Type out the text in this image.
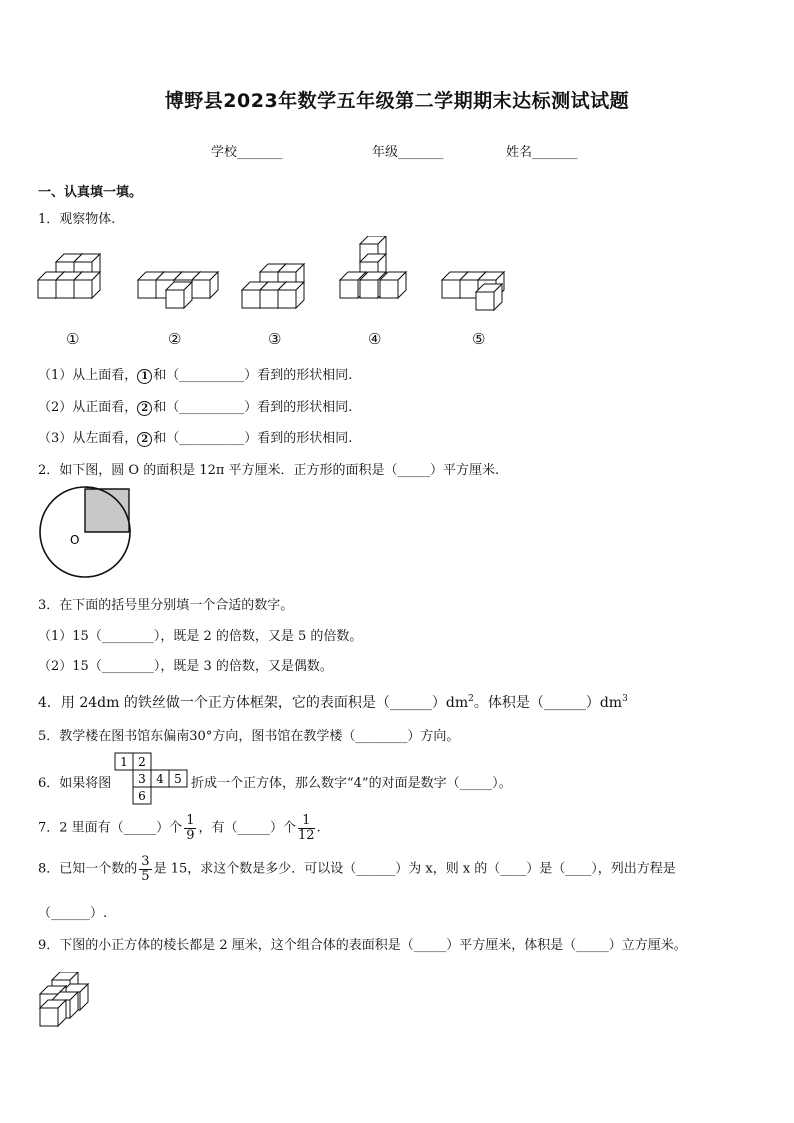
博野县2023年数学五年级第二学期期末达标测试试题
学校_______	年级_______	姓名_______
一、认真填一填。
1．观察物体.
①	②	③	④	⑤
（1）从上面看， 1 和（__________）看到的形状相同.
（2）从正面看， 2 和（__________）看到的形状相同.
（3）从左面看， 2 和（__________）看到的形状相同.
2．如下图，圆 O 的面积是 12π 平方厘米．正方形的面积是（_____）平方厘米.
O
3．在下面的括号里分别填一个合适的数字。
（1）15（________），既是 2 的倍数，又是 5 的倍数。
（2）15（________），既是 3 的倍数，又是偶数。
4．用 24dm 的铁丝做一个正方体框架，它的表面积是$(\_\_\_\_\_\_)dm^2$。体积是$(\_\_\_\_\_\_)dm^3$
5．教学楼在图书馆东偏南30°方向，图书馆在教学楼（________）方向。
6．如果将图
1 2
3 4 5
6
折成一个正方体，那么数字“4”的对面是数字（_____）。
7．2 里面有（_____）个 $\frac{1}{9}$ ，有（_____）个 $\frac{1}{12}$ .
8．已知一个数的 $\frac{3}{5}$ 是 15，求这个数是多少．可以设（______）为 x，则 x 的（____）是（____），列出方程是
（______）.
9．下图的小正方体的棱长都是 2 厘米，这个组合体的表面积是（_____）平方厘米，体积是（_____）立方厘米。
